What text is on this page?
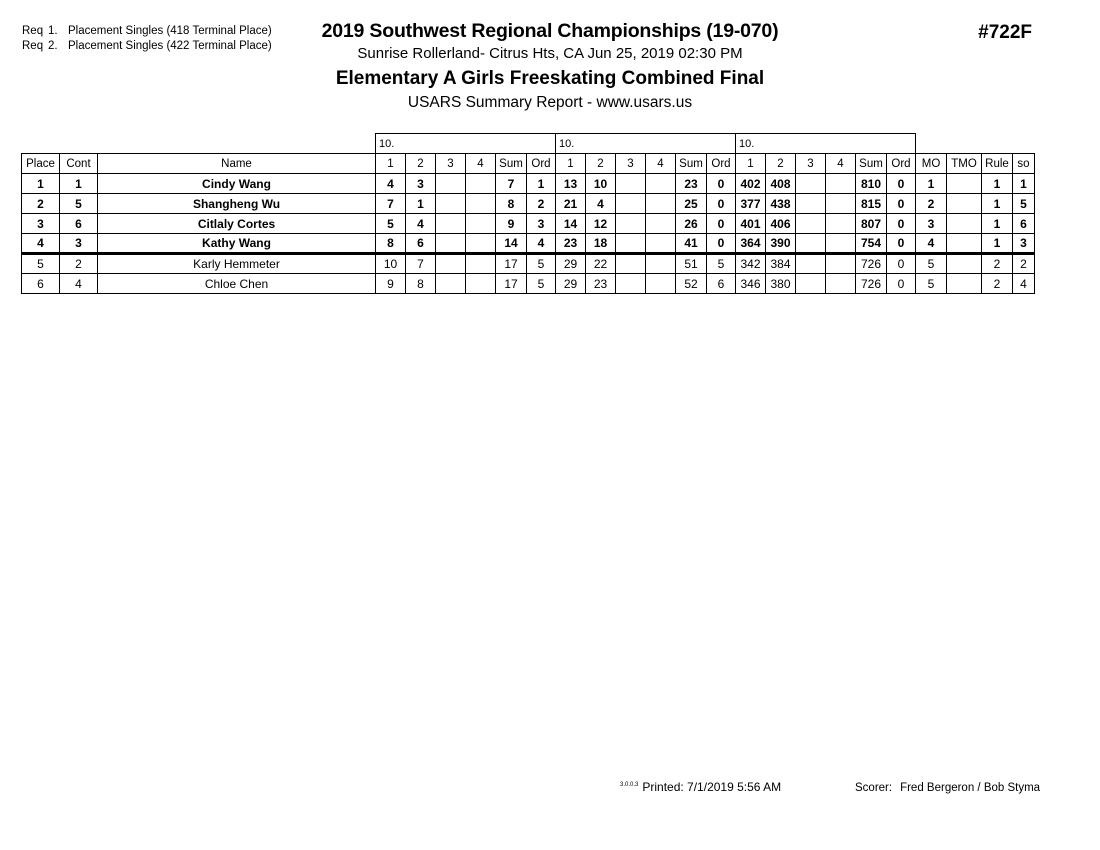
Req 1. Placement Singles (418 Terminal Place)
Req 2. Placement Singles (422 Terminal Place)
2019 Southwest Regional Championships (19-070)
Sunrise Rollerland- Citrus Hts, CA Jun 25, 2019 02:30 PM
Elementary A Girls Freeskating Combined Final
USARS Summary Report - www.usars.us
#722F
			10.						10.						10.									
Place	Cont	Name	1	2	3	4	Sum	Ord	1	2	3	4	Sum	Ord	1	2	3	4	Sum	Ord	MO	TMO	Rule	so
1	1	Cindy Wang	4	3			7	1	13	10			23	0	402	408			810	0	1		1	1
2	5	Shangheng Wu	7	1			8	2	21	4			25	0	377	438			815	0	2		1	5
3	6	Citlaly Cortes	5	4			9	3	14	12			26	0	401	406			807	0	3		1	6
4	3	Kathy Wang	8	6			14	4	23	18			41	0	364	390			754	0	4		1	3
5	2	Karly Hemmeter	10	7			17	5	29	22			51	5	342	384			726	0	5		2	2
6	4	Chloe Chen	9	8			17	5	29	23			52	6	346	380			726	0	5		2	4
$^{3.0.0.3}$ Printed: 7/1/2019 5:56 AM	Scorer: Fred Bergeron / Bob Styma
